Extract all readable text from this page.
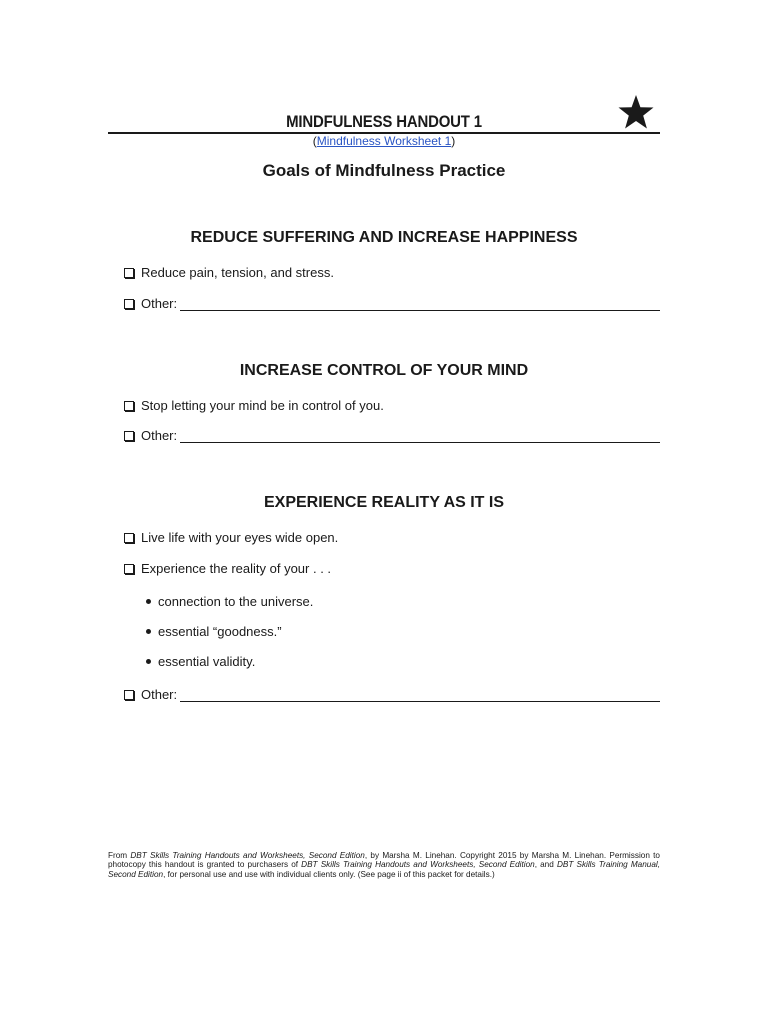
MINDFULNESS HANDOUT 1
(Mindfulness Worksheet 1)
Goals of Mindfulness Practice
REDUCE SUFFERING AND INCREASE HAPPINESS
Reduce pain, tension, and stress.
Other:
INCREASE CONTROL OF YOUR MIND
Stop letting your mind be in control of you.
Other:
EXPERIENCE REALITY AS IT IS
Live life with your eyes wide open.
Experience the reality of your . . .
connection to the universe.
essential “goodness.”
essential validity.
Other:
From DBT Skills Training Handouts and Worksheets, Second Edition, by Marsha M. Linehan. Copyright 2015 by Marsha M. Linehan. Permission to photocopy this handout is granted to purchasers of DBT Skills Training Handouts and Worksheets, Second Edition, and DBT Skills Training Manual, Second Edition, for personal use and use with individual clients only. (See page ii of this packet for details.)
